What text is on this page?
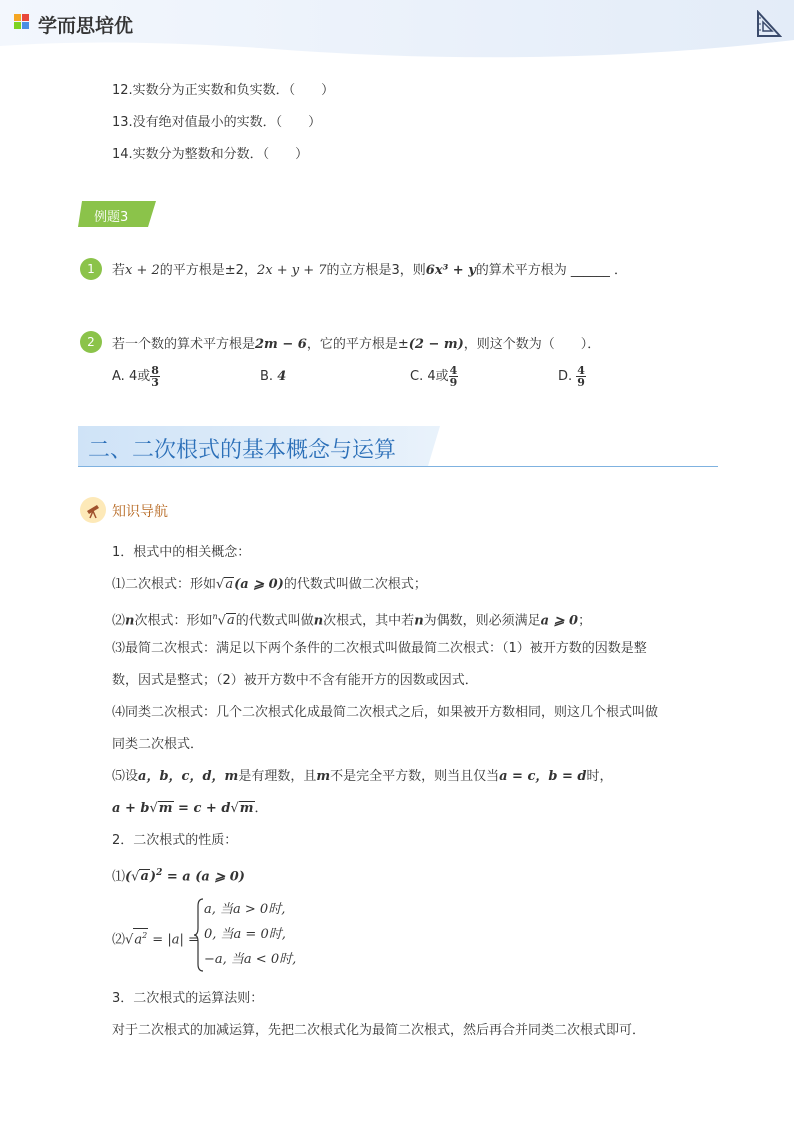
学而思培优
12.实数分为正实数和负实数．（　　）
13.没有绝对值最小的实数．（　　）
14.实数分为整数和分数．（　　）
例题3
1	若x + 2的平方根是±2，2x + y + 7的立方根是3，则6x³ + y的算术平方根为 ______ ．
2	若一个数的算术平方根是2m − 6，它的平方根是±(2 − m)，则这个数为（　　）．
A. 4或 $\frac{8}{3}$	B. 4	C. 4或 $\frac{4}{9}$	D. $\frac{4}{9}$
二、二次根式的基本概念与运算
知识导航
1．根式中的相关概念：
⑴二次根式：形如√a(a ⩾ 0)的代数式叫做二次根式；
⑵n次根式：形如$^n$√a的代数式叫做n次根式，其中若n为偶数，则必须满足a ⩾ 0；
⑶最简二次根式：满足以下两个条件的二次根式叫做最简二次根式：（1）被开方数的因数是整
数，因式是整式；（2）被开方数中不含有能开方的因数或因式．
⑷同类二次根式：几个二次根式化成最简二次根式之后，如果被开方数相同，则这几个根式叫做
同类二次根式．
⑸设a，b，c，d，m是有理数，且m不是完全平方数，则当且仅当a = c，b = d时，
a + b√m = c + d√m．
2．二次根式的性质：
$⑴(√a)^2 = a$ (a ⩾ 0)
$⑵√a^2 = |a|$ =
a, 当a > 0时,
0, 当a = 0时,
−a, 当a < 0时,
3．二次根式的运算法则：
对于二次根式的加减运算，先把二次根式化为最简二次根式，然后再合并同类二次根式即可．
